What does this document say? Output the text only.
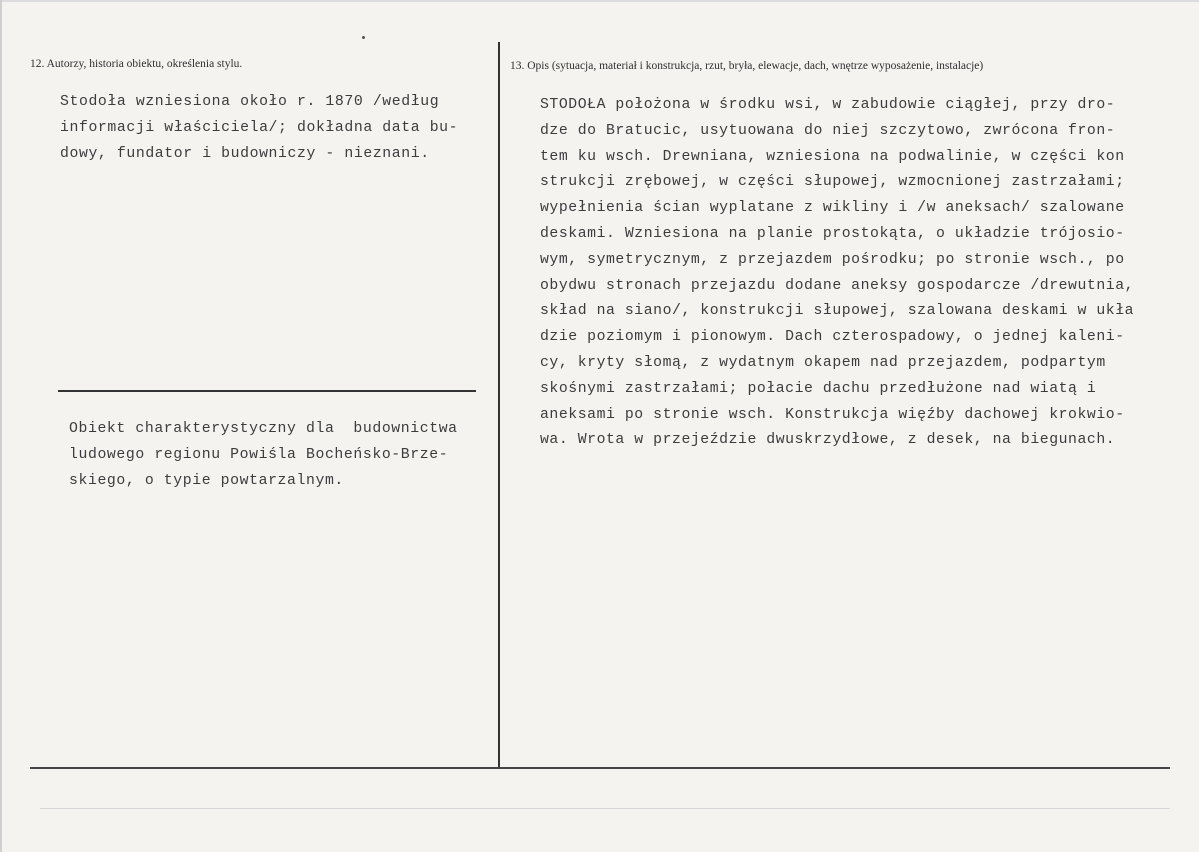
12. Autorzy, historia obiektu, określenia stylu.	13. Opis (sytuacja, materiał i konstrukcja, rzut, bryła, elewacje, dach, wnętrze wyposażenie, instalacje)
Stodoła wzniesiona około r. 1870 /według
informacji właściciela/; dokładna data bu-
dowy, fundator i budowniczy - nieznani.
Obiekt charakterystyczny dla  budownictwa
ludowego regionu Powiśla Bocheńsko-Brze-
skiego, o typie powtarzalnym.
STODOŁA położona w środku wsi, w zabudowie ciągłej, przy dro-
dze do Bratucic, usytuowana do niej szczytowo, zwrócona fron-
tem ku wsch. Drewniana, wzniesiona na podwalinie, w części kon
strukcji zrębowej, w części słupowej, wzmocnionej zastrzałami;
wypełnienia ścian wyplatane z wikliny i /w aneksach/ szalowane
deskami. Wzniesiona na planie prostokąta, o układzie trójosio-
wym, symetrycznym, z przejazdem pośrodku; po stronie wsch., po
obydwu stronach przejazdu dodane aneksy gospodarcze /drewutnia,
skład na siano/, konstrukcji słupowej, szalowana deskami w ukła
dzie poziomym i pionowym. Dach czterospadowy, o jednej kaleni-
cy, kryty słomą, z wydatnym okapem nad przejazdem, podpartym
skośnymi zastrzałami; połacie dachu przedłużone nad wiatą i
aneksami po stronie wsch. Konstrukcja więźby dachowej krokwio-
wa. Wrota w przejeździe dwuskrzydłowe, z desek, na biegunach.
